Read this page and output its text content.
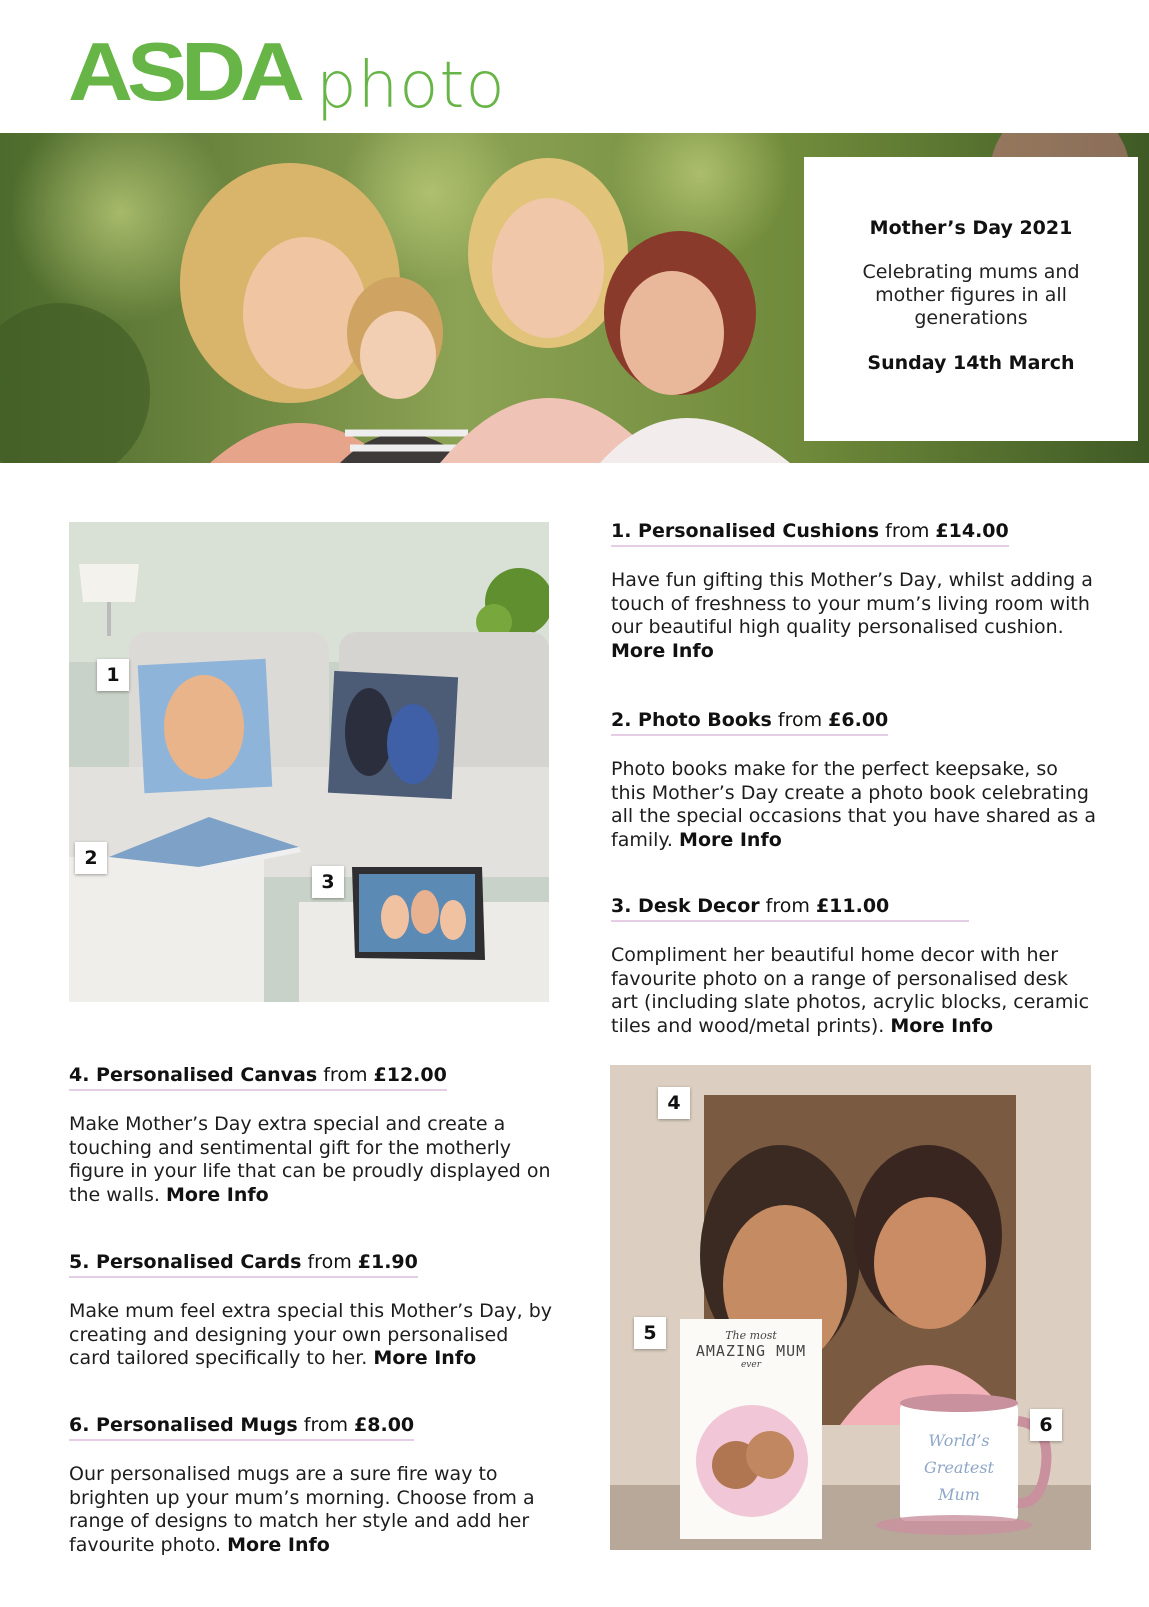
ASDA photo

Mother’s Day 2021

Celebrating mums and mother figures in all generations

Sunday 14th March

1
2
3
The most
AMAZING MUM
ever
World’s
Greatest
Mum
4
5
6
1. Personalised Cushions from £14.00
Have fun gifting this Mother’s Day, whilst adding a touch of freshness to your mum’s living room with our beautiful high quality personalised cushion. More Info
2. Photo Books from £6.00
Photo books make for the perfect keepsake, so this Mother’s Day create a photo book celebrating all the special occasions that you have shared as a family. More Info
3. Desk Decor from £11.00
Compliment her beautiful home decor with her favourite photo on a range of personalised desk art (including slate photos, acrylic blocks, ceramic tiles and wood/metal prints). More Info
4. Personalised Canvas from £12.00
Make Mother’s Day extra special and create a touching and sentimental gift for the motherly figure in your life that can be proudly displayed on the walls. More Info
5. Personalised Cards from £1.90
Make mum feel extra special this Mother’s Day, by creating and designing your own personalised card tailored specifically to her. More Info
6. Personalised Mugs from £8.00
Our personalised mugs are a sure fire way to brighten up your mum’s morning. Choose from a range of designs to match her style and add her favourite photo. More Info
